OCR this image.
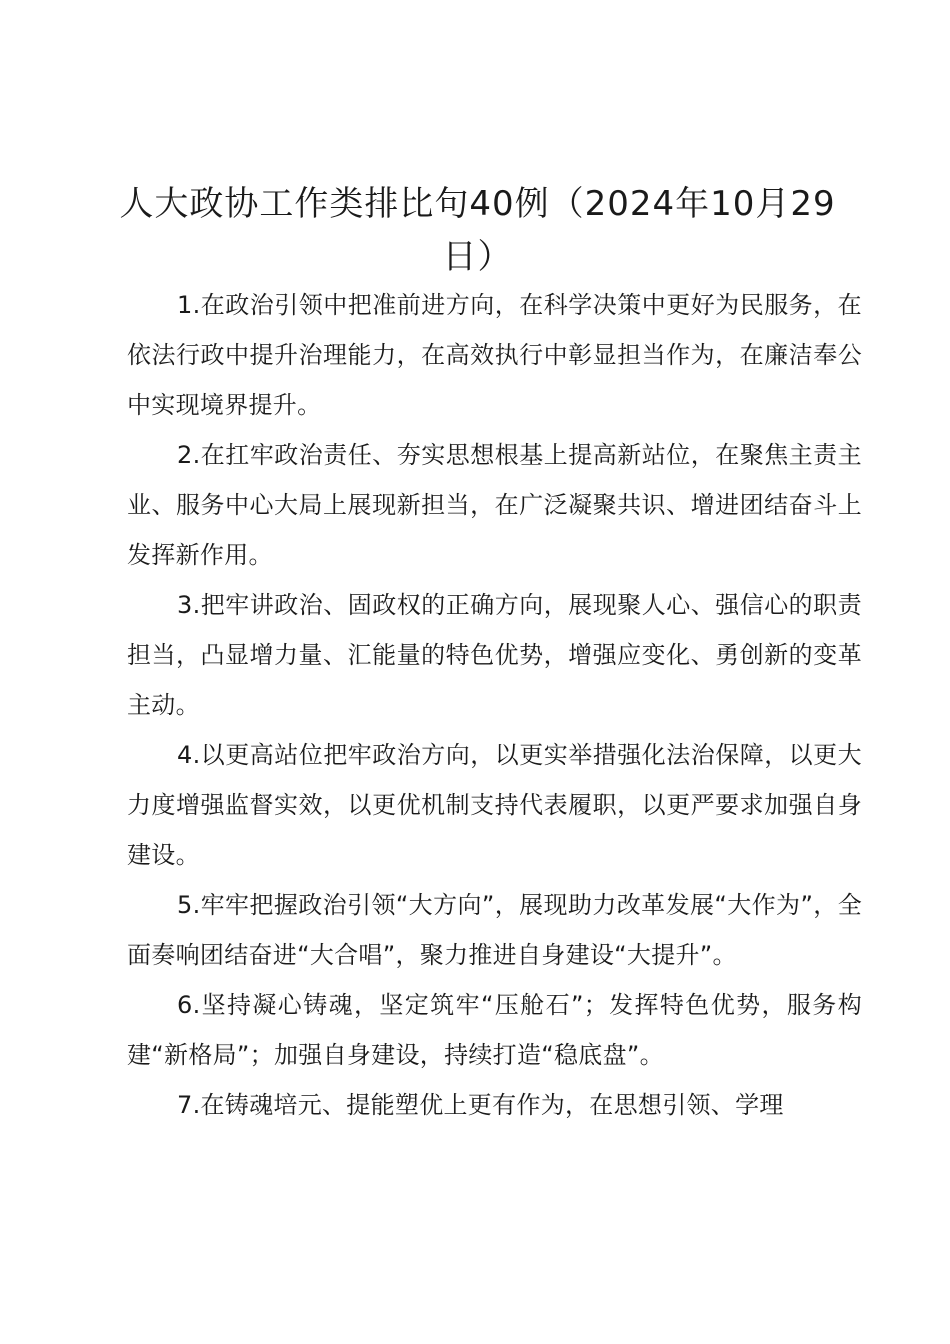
人大政协工作类排比句40例（2024年10月29日）

1.在政治引领中把准前进方向，在科学决策中更好为民服务，在依法行政中提升治理能力，在高效执行中彰显担当作为，在廉洁奉公中实现境界提升。

2.在扛牢政治责任、夯实思想根基上提高新站位，在聚焦主责主业、服务中心大局上展现新担当，在广泛凝聚共识、增进团结奋斗上发挥新作用。

3.把牢讲政治、固政权的正确方向，展现聚人心、强信心的职责担当，凸显增力量、汇能量的特色优势，增强应变化、勇创新的变革主动。

4.以更高站位把牢政治方向，以更实举措强化法治保障，以更大力度增强监督实效，以更优机制支持代表履职，以更严要求加强自身建设。

5.牢牢把握政治引领“大方向”，展现助力改革发展“大作为”，全面奏响团结奋进“大合唱”，聚力推进自身建设“大提升”。

6.坚持凝心铸魂，坚定筑牢“压舱石”；发挥特色优势，服务构建“新格局”；加强自身建设，持续打造“稳底盘”。

7.在铸魂培元、提能塑优上更有作为，在思想引领、学理
